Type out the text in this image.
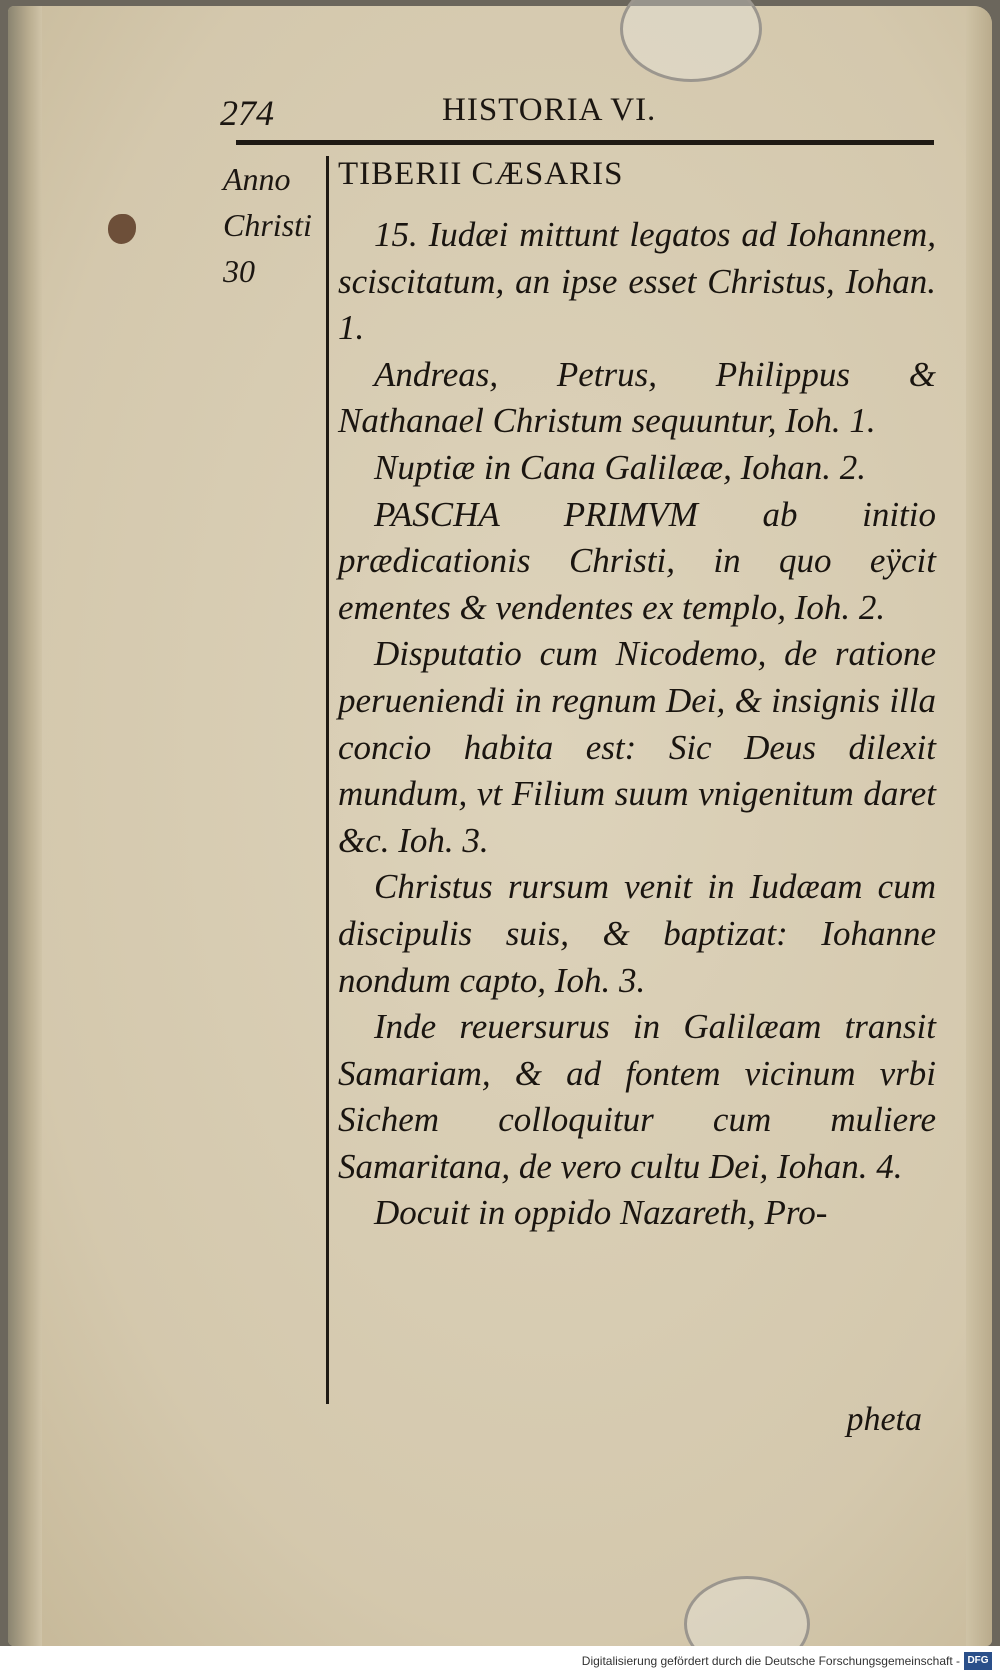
274	HISTORIA VI.
Anno
Christi
30
TIBERII CÆSARIS

15. Iudæi mittunt legatos ad Iohannem, sciscitatum, an ipse esset Christus, Iohan. 1.

Andreas, Petrus, Philippus & Nathanael Christum sequuntur, Ioh. 1.

Nuptiæ in Cana Galilææ, Iohan. 2.

PASCHA PRIMVM ab initio prædicationis Christi, in quo eÿcit ementes & vendentes ex templo, Ioh. 2.

Disputatio cum Nicodemo, de ratione perueniendi in regnum Dei, & insignis illa concio habita est: Sic Deus dilexit mundum, vt Filium suum vnigenitum daret &c. Ioh. 3.

Christus rursum venit in Iudæam cum discipulis suis, & baptizat: Iohanne nondum capto, Ioh. 3.

Inde reuersurus in Galilæam transit Samariam, & ad fontem vicinum vrbi Sichem colloquitur cum muliere Samaritana, de vero cultu Dei, Iohan. 4.

Docuit in oppido Nazareth, Pro-

pheta
Digitalisierung gefördert durch die Deutsche Forschungsgemeinschaft - DFG
